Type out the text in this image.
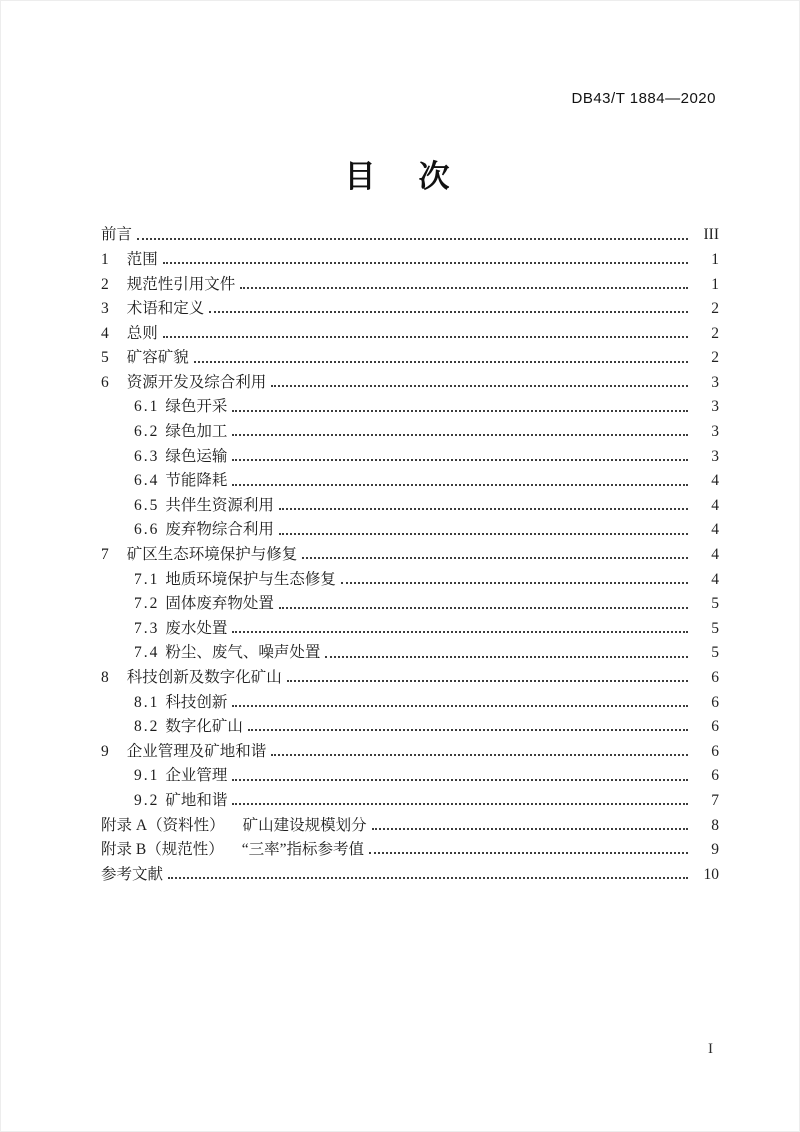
DB43/T 1884—2020
目　次
前言	III
1 范围	1
2 规范性引用文件	1
3 术语和定义	2
4 总则	2
5 矿容矿貌	2
6 资源开发及综合利用	3
6.1 绿色开采	3
6.2 绿色加工	3
6.3 绿色运输	3
6.4 节能降耗	4
6.5 共伴生资源利用	4
6.6 废弃物综合利用	4
7 矿区生态环境保护与修复	4
7.1 地质环境保护与生态修复	4
7.2 固体废弃物处置	5
7.3 废水处置	5
7.4 粉尘、废气、噪声处置	5
8 科技创新及数字化矿山	6
8.1 科技创新	6
8.2 数字化矿山	6
9 企业管理及矿地和谐	6
9.1 企业管理	6
9.2 矿地和谐	7
附录 A（资料性） 矿山建设规模划分	8
附录 B（规范性） “三率”指标参考值	9
参考文献	10
I
